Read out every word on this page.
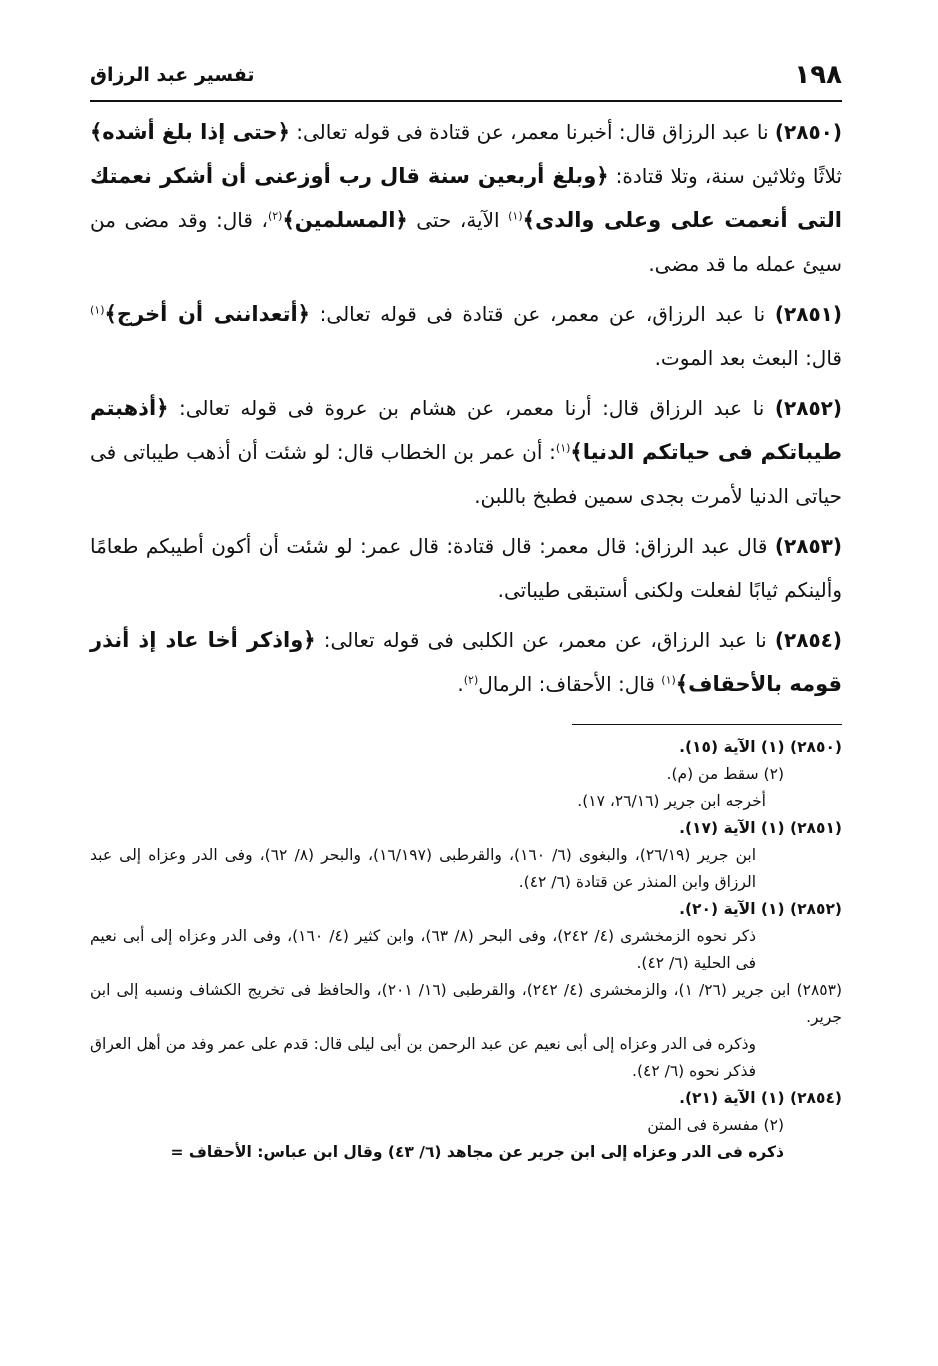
١٩٨
تفسير عبد الرزاق

(٢٨٥٠) نا عبد الرزاق قال: أخبرنا معمر، عن قتادة فى قوله تعالى: ﴿حتى إذا بلغ أشده﴾ ثلاثًا وثلاثين سنة، وتلا قتادة: ﴿وبلغ أربعين سنة قال رب أوزعنى أن أشكر نعمتك التى أنعمت على وعلى والدى﴾$^{(١)}$ الآية، حتى ﴿المسلمين﴾$^{(٢)}$، قال: وقد مضى من سيئ عمله ما قد مضى.

(٢٨٥١) نا عبد الرزاق، عن معمر، عن قتادة فى قوله تعالى: ﴿أتعداننى أن أخرج﴾$^{(١)}$ قال: البعث بعد الموت.

(٢٨٥٢) نا عبد الرزاق قال: أرنا معمر، عن هشام بن عروة فى قوله تعالى: ﴿أذهبتم طيباتكم فى حياتكم الدنيا﴾$^{(١)}$: أن عمر بن الخطاب قال: لو شئت أن أذهب طيباتى فى حياتى الدنيا لأمرت بجدى سمين فطبخ باللبن.

(٢٨٥٣) قال عبد الرزاق: قال معمر: قال قتادة: قال عمر: لو شئت أن أكون أطيبكم طعامًا وألينكم ثيابًا لفعلت ولكنى أستبقى طيباتى.

(٢٨٥٤) نا عبد الرزاق، عن معمر، عن الكلبى فى قوله تعالى: ﴿واذكر أخا عاد إذ أنذر قومه بالأحقاف﴾$^{(١)}$ قال: الأحقاف: الرمال$^{(٢)}$.

(٢٨٥٠) (١) الآية (١٥).
(٢) سقط من (م).
أخرجه ابن جرير (٢٦/١٦، ١٧).
(٢٨٥١) (١) الآية (١٧).
ابن جرير (٢٦/١٩)، والبغوى (٦/ ١٦٠)، والقرطبى (١٦/١٩٧)، والبحر (٨/ ٦٢)، وفى الدر وعزاه إلى عبد الرزاق وابن المنذر عن قتادة (٦/ ٤٢).
(٢٨٥٢) (١) الآية (٢٠).
ذكر نحوه الزمخشرى (٤/ ٢٤٢)، وفى البحر (٨/ ٦٣)، وابن كثير (٤/ ١٦٠)، وفى الدر وعزاه إلى أبى نعيم فى الحلية (٦/ ٤٢).
(٢٨٥٣) ابن جرير (٢٦/ ١)، والزمخشرى (٤/ ٢٤٢)، والقرطبى (١٦/ ٢٠١)، والحافظ فى تخريج الكشاف ونسبه إلى ابن جرير.
وذكره فى الدر وعزاه إلى أبى نعيم عن عبد الرحمن بن أبى ليلى قال: قدم على عمر وفد من أهل العراق فذكر نحوه (٦/ ٤٢).
(٢٨٥٤) (١) الآية (٢١).
(٢) مفسرة فى المتن
ذكره فى الدر وعزاه إلى ابن جرير عن مجاهد (٦/ ٤٣) وقال ابن عباس: الأحقاف =
